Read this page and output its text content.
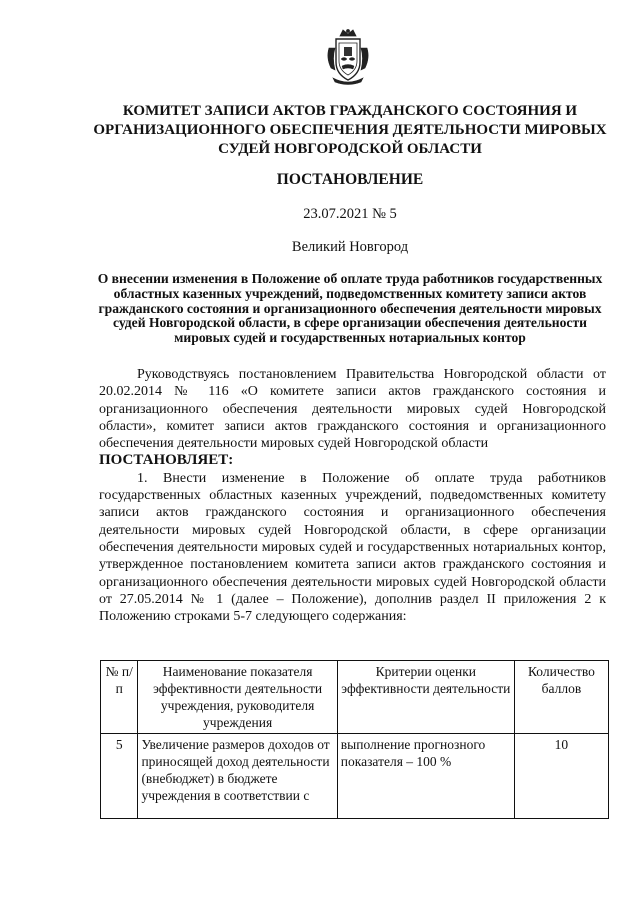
КОМИТЕТ ЗАПИСИ АКТОВ ГРАЖДАНСКОГО СОСТОЯНИЯ И ОРГАНИЗАЦИОННОГО ОБЕСПЕЧЕНИЯ ДЕЯТЕЛЬНОСТИ МИРОВЫХ СУДЕЙ НОВГОРОДСКОЙ ОБЛАСТИ
ПОСТАНОВЛЕНИЕ
23.07.2021 № 5
Великий Новгород
О внесении изменения в Положение об оплате труда работников государственных областных казенных учреждений, подведомственных комитету записи актов гражданского состояния и организационного обеспечения деятельности мировых судей Новгородской области, в сфере организации обеспечения деятельности мировых судей и государственных нотариальных контор

Руководствуясь постановлением Правительства Новгородской области от 20.02.2014 № 116 «О комитете записи актов гражданского состояния и организационного обеспечения деятельности мировых судей Новгородской области», комитет записи актов гражданского состояния и организационного обеспечения деятельности мировых судей Новгородской области

ПОСТАНОВЛЯЕТ:

1. Внести изменение в Положение об оплате труда работников государственных областных казенных учреждений, подведомственных комитету записи актов гражданского состояния и организационного обеспечения деятельности мировых судей Новгородской области, в сфере организации обеспечения деятельности мировых судей и государственных нотариальных контор, утвержденное постановлением комитета записи актов гражданского состояния и организационного обеспечения деятельности мировых судей Новгородской области от 27.05.2014 № 1 (далее – Положение), дополнив раздел II приложения 2 к Положению строками 5-7 следующего содержания:

№ п/п	Наименование показателя эффективности деятельности учреждения, руководителя учреждения	Критерии оценки эффективности деятельности	Количество баллов

5	Увеличение размеров доходов от приносящей доход деятельности (внебюджет) в бюджете учреждения в соответствии с	выполнение прогнозного показателя – 100 %	10
